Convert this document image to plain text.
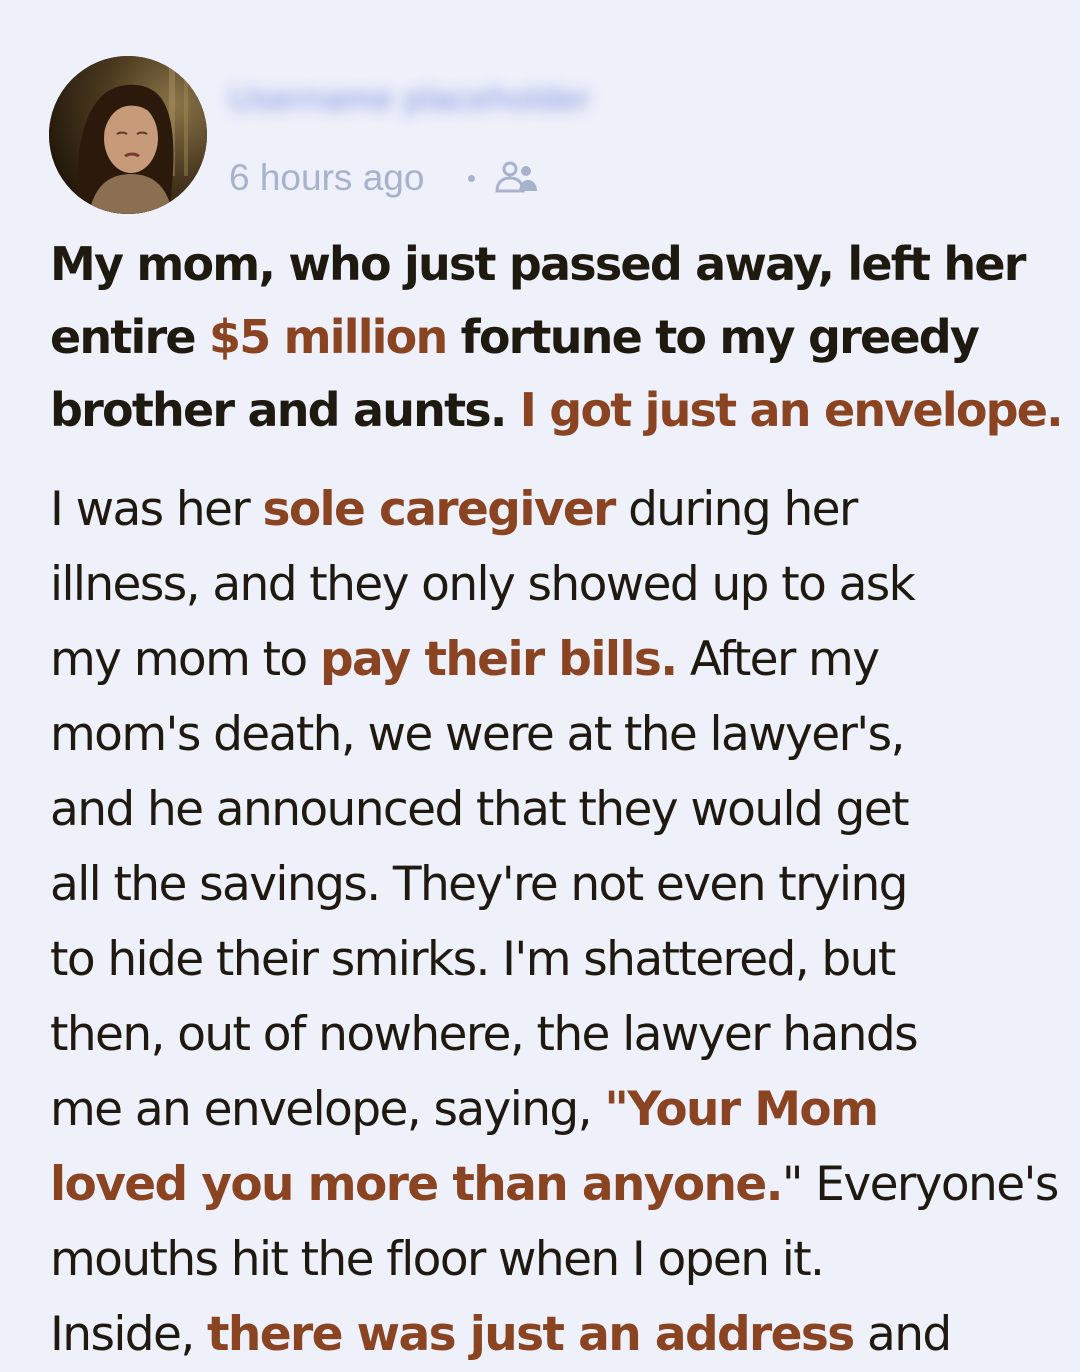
Username placeholder
6 hours ago
My mom, who just passed away, left her
entire $5 million fortune to my greedy
brother and aunts. I got just an envelope.

I was her sole caregiver during her
illness, and they only showed up to ask
my mom to pay their bills. After my
mom's death, we were at the lawyer's,
and he announced that they would get
all the savings. They're not even trying
to hide their smirks. I'm shattered, but
then, out of nowhere, the lawyer hands
me an envelope, saying, "Your Mom
loved you more than anyone." Everyone's
mouths hit the floor when I open it.
Inside, there was just an address and
